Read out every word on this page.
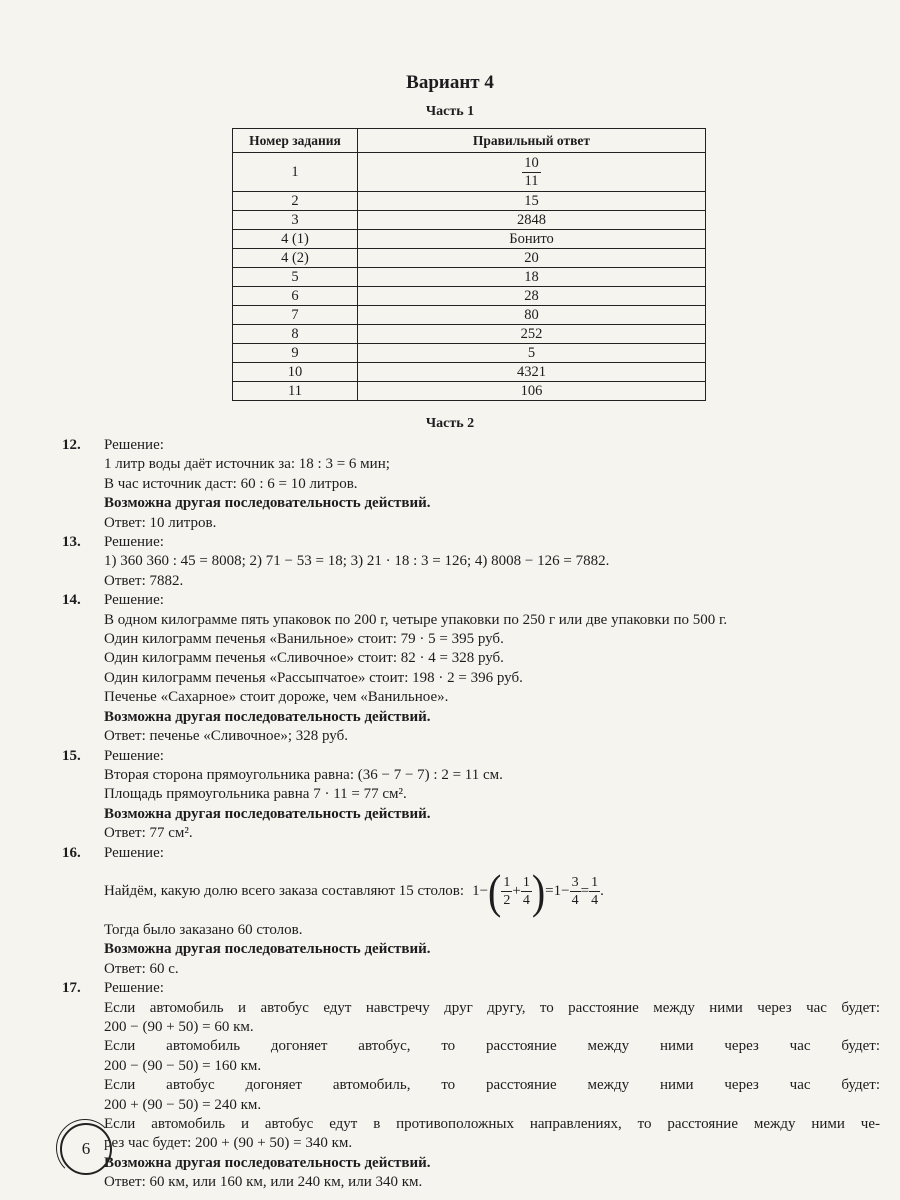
Вариант 4
Часть 1
Номер задания	Правильный ответ
1	$\frac{10}{11}$

2	15
3	2848
4 (1)	Бонито
4 (2)	20
5	18
6	28
7	80
8	252
9	5
10	4321
11	106
Часть 2
12. Решение:
1 литр воды даёт источник за: 18 : 3 = 6 мин;
В час источник даст: 60 : 6 = 10 литров.
Возможна другая последовательность действий.
Ответ: 10 литров.
13. Решение:
1) 360 360 : 45 = 8008; 2) 71 − 53 = 18; 3) 21 · 18 : 3 = 126; 4) 8008 − 126 = 7882.
Ответ: 7882.
14. Решение:
В одном килограмме пять упаковок по 200 г, четыре упаковки по 250 г или две упаковки по 500 г.
Один килограмм печенья «Ванильное» стоит: 79 · 5 = 395 руб.
Один килограмм печенья «Сливочное» стоит: 82 · 4 = 328 руб.
Один килограмм печенья «Рассыпчатое» стоит: 198 · 2 = 396 руб.
Печенье «Сахарное» стоит дороже, чем «Ванильное».
Возможна другая последовательность действий.
Ответ: печенье «Сливочное»; 328 руб.
15. Решение:
Вторая сторона прямоугольника равна: (36 − 7 − 7) : 2 = 11 см.
Площадь прямоугольника равна 7 · 11 = 77 см².
Возможна другая последовательность действий.
Ответ: 77 см².
16. Решение:
Найдём, какую долю всего заказа составляют 15 столов: 1 − ( $\frac{1}{2} + \frac{1}{4}$ ) = $1 - \frac{3}{4} = \frac{1}{4}$ .
Тогда было заказано 60 столов.
Возможна другая последовательность действий.
Ответ: 60 с.
17. Решение:
Если автомобиль и автобус едут навстречу друг другу, то расстояние между ними через час будет:
200 − (90 + 50) = 60 км.
Если автомобиль догоняет автобус, то расстояние между ними через час будет:
200 − (90 − 50) = 160 км.
Если автобус догоняет автомобиль, то расстояние между ними через час будет:
200 + (90 − 50) = 240 км.
Если автомобиль и автобус едут в противоположных направлениях, то расстояние между ними че-
рез час будет: 200 + (90 + 50) = 340 км.
Возможна другая последовательность действий.
Ответ: 60 км, или 160 км, или 240 км, или 340 км.
6
